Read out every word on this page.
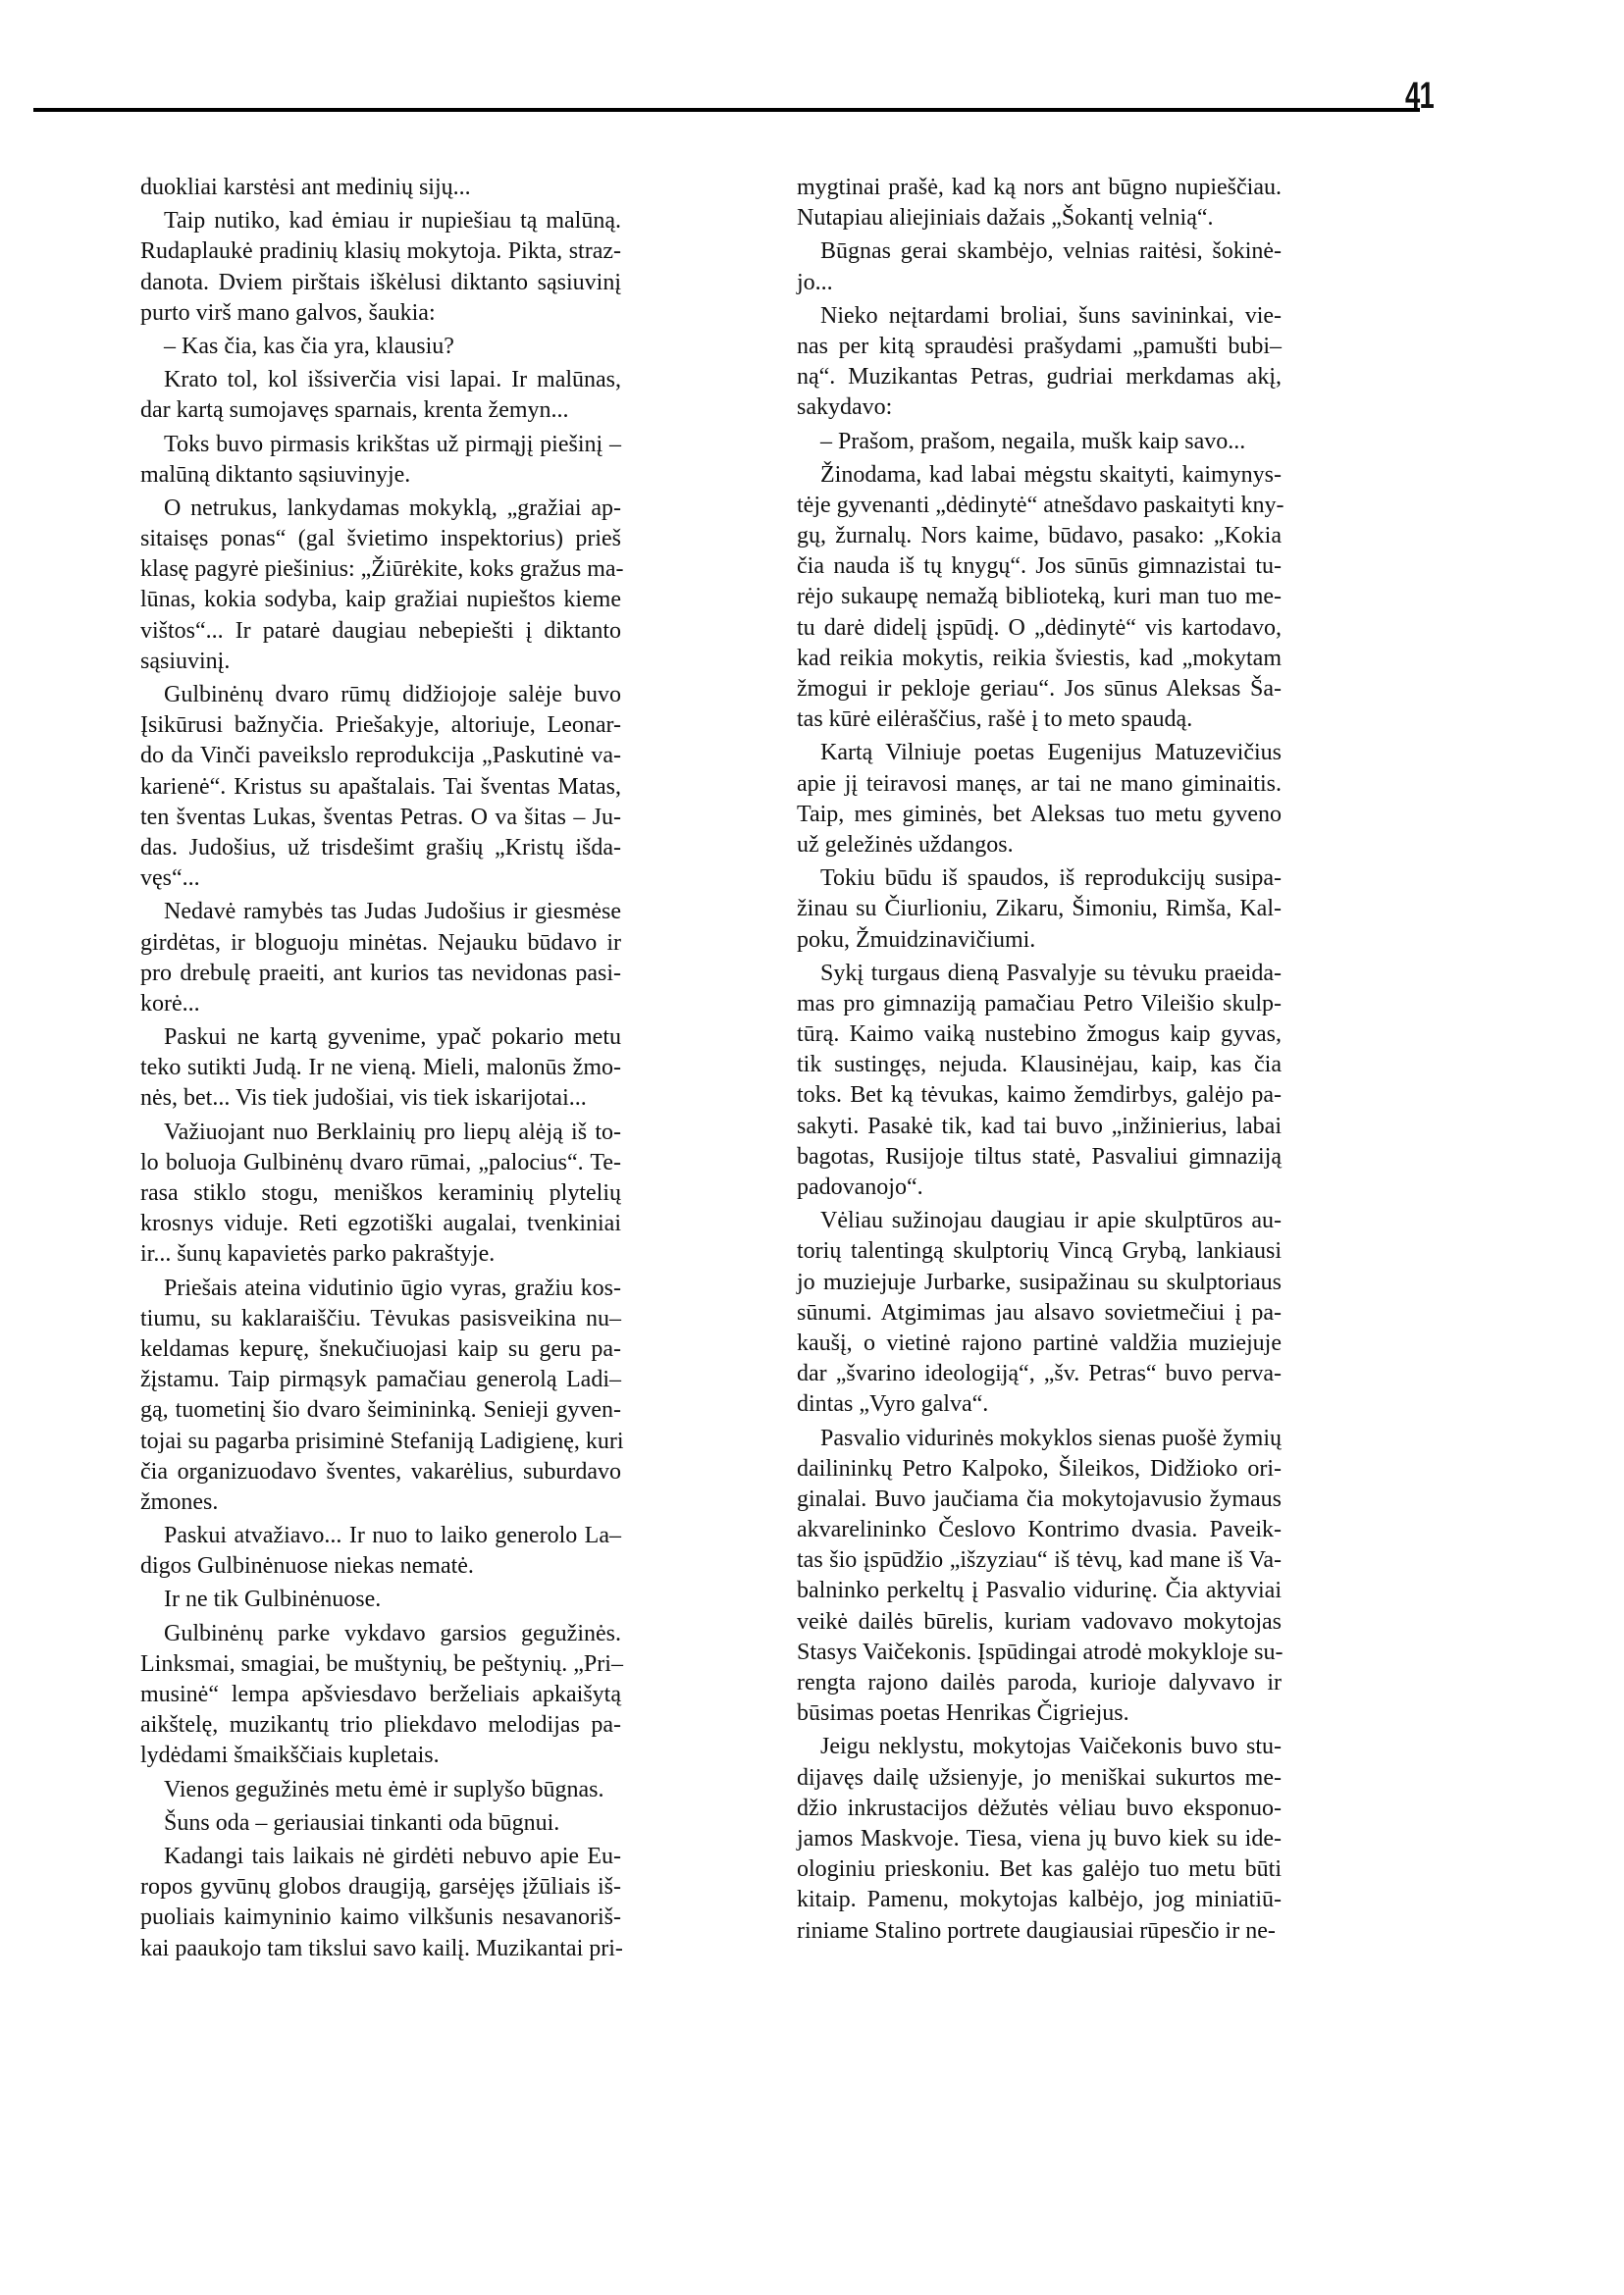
41
duokliai karstėsi ant medinių sijų...
Taip nutiko, kad ėmiau ir nupiešiau tą malūną.
Rudaplaukė pradinių klasių mokytoja. Pikta, straz-
danota. Dviem pirštais iškėlusi diktanto sąsiuvinį
purto virš mano galvos, šaukia:
– Kas čia, kas čia yra, klausiu?
Krato tol, kol išsiverčia visi lapai. Ir malūnas,
dar kartą sumojavęs sparnais, krenta žemyn...
Toks buvo pirmasis krikštas už pirmąjį piešinį –
malūną diktanto sąsiuvinyje.
O netrukus, lankydamas mokyklą, „gražiai ap-
sitaisęs ponas“ (gal švietimo inspektorius) prieš
klasę pagyrė piešinius: „Žiūrėkite, koks gražus ma-
lūnas, kokia sodyba, kaip gražiai nupieštos kieme
vištos“... Ir patarė daugiau nebepiešti į diktanto
sąsiuvinį.
Gulbinėnų dvaro rūmų didžiojoje salėje buvo
Įsikūrusi bažnyčia. Priešakyje, altoriuje, Leonar-
do da Vinči paveikslo reprodukcija „Paskutinė va-
karienė“. Kristus su apaštalais. Tai šventas Matas,
ten šventas Lukas, šventas Petras. O va šitas – Ju-
das. Judošius, už trisdešimt grašių „Kristų išda-
vęs“...
Nedavė ramybės tas Judas Judošius ir giesmėse
girdėtas, ir bloguoju minėtas. Nejauku būdavo ir
pro drebulę praeiti, ant kurios tas nevidonas pasi-
korė...
Paskui ne kartą gyvenime, ypač pokario metu
teko sutikti Judą. Ir ne vieną. Mieli, malonūs žmo-
nės, bet... Vis tiek judošiai, vis tiek iskarijotai...
Važiuojant nuo Berklainių pro liepų alėją iš to-
lo boluoja Gulbinėnų dvaro rūmai, „palocius“. Te-
rasa stiklo stogu, meniškos keraminių plytelių
krosnys viduje. Reti egzotiški augalai, tvenkiniai
ir... šunų kapavietės parko pakraštyje.
Priešais ateina vidutinio ūgio vyras, gražiu kos-
tiumu, su kaklaraiščiu. Tėvukas pasisveikina nu–
keldamas kepurę, šnekučiuojasi kaip su geru pa-
žįstamu. Taip pirmąsyk pamačiau generolą Ladi–
gą, tuometinį šio dvaro šeimininką. Senieji gyven-
tojai su pagarba prisiminė Stefaniją Ladigienę, kuri
čia organizuodavo šventes, vakarėlius, suburdavo
žmones.
Paskui atvažiavo... Ir nuo to laiko generolo La–
digos Gulbinėnuose niekas nematė.
Ir ne tik Gulbinėnuose.
Gulbinėnų parke vykdavo garsios gegužinės.
Linksmai, smagiai, be muštynių, be peštynių. „Pri–
musinė“ lempa apšviesdavo berželiais apkaišytą
aikštelę, muzikantų trio pliekdavo melodijas pa-
lydėdami šmaikščiais kupletais.
Vienos gegužinės metu ėmė ir suplyšo būgnas.
Šuns oda – geriausiai tinkanti oda būgnui.
Kadangi tais laikais nė girdėti nebuvo apie Eu-
ropos gyvūnų globos draugiją, garsėjęs įžūliais iš-
puoliais kaimyninio kaimo vilkšunis nesavanoriš-
kai paaukojo tam tikslui savo kailį. Muzikantai pri-
mygtinai prašė, kad ką nors ant būgno nupieščiau.
Nutapiau aliejiniais dažais „Šokantį velnią“.
Būgnas gerai skambėjo, velnias raitėsi, šokinė-
jo...
Nieko neįtardami broliai, šuns savininkai, vie-
nas per kitą spraudėsi prašydami „pamušti bubi–
ną“. Muzikantas Petras, gudriai merkdamas akį,
sakydavo:
– Prašom, prašom, negaila, mušk kaip savo...
Žinodama, kad labai mėgstu skaityti, kaimynys-
tėje gyvenanti „dėdinytė“ atnešdavo paskaityti kny-
gų, žurnalų. Nors kaime, būdavo, pasako: „Kokia
čia nauda iš tų knygų“. Jos sūnūs gimnazistai tu-
rėjo sukaupę nemažą biblioteką, kuri man tuo me-
tu darė didelį įspūdį. O „dėdinytė“ vis kartodavo,
kad reikia mokytis, reikia šviestis, kad „mokytam
žmogui ir pekloje geriau“. Jos sūnus Aleksas Ša-
tas kūrė eilėraščius, rašė į to meto spaudą.
Kartą Vilniuje poetas Eugenijus Matuzevičius
apie jį teiravosi manęs, ar tai ne mano giminaitis.
Taip, mes giminės, bet Aleksas tuo metu gyveno
už geležinės uždangos.
Tokiu būdu iš spaudos, iš reprodukcijų susipa-
žinau su Čiurlioniu, Zikaru, Šimoniu, Rimša, Kal-
poku, Žmuidzinavičiumi.
Sykį turgaus dieną Pasvalyje su tėvuku praeida-
mas pro gimnaziją pamačiau Petro Vileišio skulp-
tūrą. Kaimo vaiką nustebino žmogus kaip gyvas,
tik sustingęs, nejuda. Klausinėjau, kaip, kas čia
toks. Bet ką tėvukas, kaimo žemdirbys, galėjo pa-
sakyti. Pasakė tik, kad tai buvo „inžinierius, labai
bagotas, Rusijoje tiltus statė, Pasvaliui gimnaziją
padovanojo“.
Vėliau sužinojau daugiau ir apie skulptūros au-
torių talentingą skulptorių Vincą Grybą, lankiausi
jo muziejuje Jurbarke, susipažinau su skulptoriaus
sūnumi. Atgimimas jau alsavo sovietmečiui į pa-
kaušį, o vietinė rajono partinė valdžia muziejuje
dar „švarino ideologiją“, „šv. Petras“ buvo perva-
dintas „Vyro galva“.
Pasvalio vidurinės mokyklos sienas puošė žymių
dailininkų Petro Kalpoko, Šileikos, Didžioko ori-
ginalai. Buvo jaučiama čia mokytojavusio žymaus
akvarelininko Česlovo Kontrimo dvasia. Paveik-
tas šio įspūdžio „išzyziau“ iš tėvų, kad mane iš Va-
balninko perkeltų į Pasvalio vidurinę. Čia aktyviai
veikė dailės būrelis, kuriam vadovavo mokytojas
Stasys Vaičekonis. Įspūdingai atrodė mokykloje su-
rengta rajono dailės paroda, kurioje dalyvavo ir
būsimas poetas Henrikas Čigriejus.
Jeigu neklystu, mokytojas Vaičekonis buvo stu-
dijavęs dailę užsienyje, jo meniškai sukurtos me-
džio inkrustacijos dėžutės vėliau buvo eksponuo-
jamos Maskvoje. Tiesa, viena jų buvo kiek su ide-
ologiniu prieskoniu. Bet kas galėjo tuo metu būti
kitaip. Pamenu, mokytojas kalbėjo, jog miniatiū-
riniame Stalino portrete daugiausiai rūpesčio ir ne-
